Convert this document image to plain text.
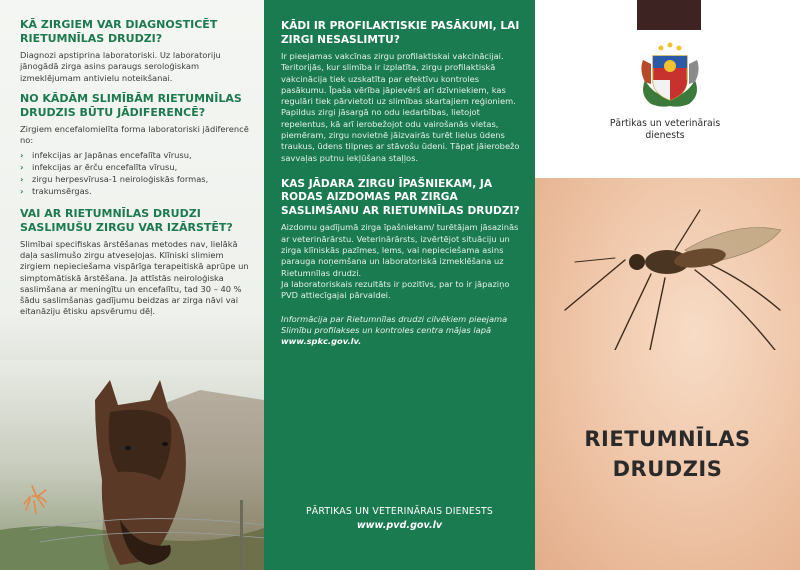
KĀ ZIRGIEM VAR DIAGNOSTICĒT RIETUMNĪLAS DRUDZI?

Diagnozi apstiprina laboratoriski. Uz laboratoriju jānogādā zirga asins paraugs seroloģiskam izmeklējumam antivielu noteikšanai.

NO KĀDĀM SLIMĪBĀM RIETUMNĪLAS DRUDZIS BŪTU JĀDIFERENCĒ?

Zirgiem encefalomielīta forma laboratoriski jādiferencē no:

› infekcijas ar Japānas encefalīta vīrusu,
› infekcijas ar ērču encefalīta vīrusu,
› zirgu herpesvīrusa-1 neiroloģiskās formas,
› trakumsērgas.
VAI AR RIETUMNĪLAS DRUDZI SASLIMUŠU ZIRGU VAR IZĀRSTĒT?

Slimībai specifiskas ārstēšanas metodes nav, lielākā daļa saslimušo zirgu atveseļojas. Klīniski slimiem zirgiem nepieciešama vispārīga terapeitiskā aprūpe un simptomātiskā ārstēšana. Ja attīstās neiroloģiska saslimšana ar meningītu un encefalītu, tad 30 – 40 % šādu saslimšanas gadījumu beidzas ar zirga nāvi vai eitanāziju ētisku apsvērumu dēļ.

KĀDI IR PROFILAKTISKIE PASĀKUMI, LAI ZIRGI NESASLIMTU?

Ir pieejamas vakcīnas zirgu profilaktiskai vakcinācijai. Teritorijās, kur slimība ir izplatīta, zirgu profilaktiskā vakcinācija tiek uzskatīta par efektīvu kontroles pasākumu. Īpaša vērība jāpievērš arī dzīvniekiem, kas regulāri tiek pārvietoti uz slimības skartajiem reģioniem.

Papildus zirgi jāsargā no odu iedarbības, lietojot repelentus, kā arī ierobežojot odu vairošanās vietas, piemēram, zirgu novietnē jāizvairās turēt lielus ūdens traukus, ūdens tilpnes ar stāvošu ūdeni. Tāpat jāierobežo savvaļas putnu iekļūšana staļļos.

KAS JĀDARA ZIRGU ĪPAŠNIEKAM, JA RODAS AIZDOMAS PAR ZIRGA SASLIMŠANU AR RIETUMNĪLAS DRUDZI?

Aizdomu gadījumā zirga īpašniekam/ turētājam jāsazinās ar veterinārārstu. Veterinārārsts, izvērtējot situāciju un zirga klīniskās pazīmes, lems, vai nepieciešama asins parauga noņemšana un laboratoriskā izmeklēšana uz Rietumnīlas drudzi.

Ja laboratoriskais rezultāts ir pozitīvs, par to ir jāpaziņo PVD attiecīgajai pārvaldei.

Informācija par Rietumnīlas drudzi cilvēkiem pieejama Slimību profilakses un kontroles centra mājas lapā www.spkc.gov.lv.

PĀRTIKAS UN VETERINĀRAIS DIENESTS
www.pvd.gov.lv
Pārtikas un veterinārais
dienests
RIETUMNĪLAS
DRUDZIS
